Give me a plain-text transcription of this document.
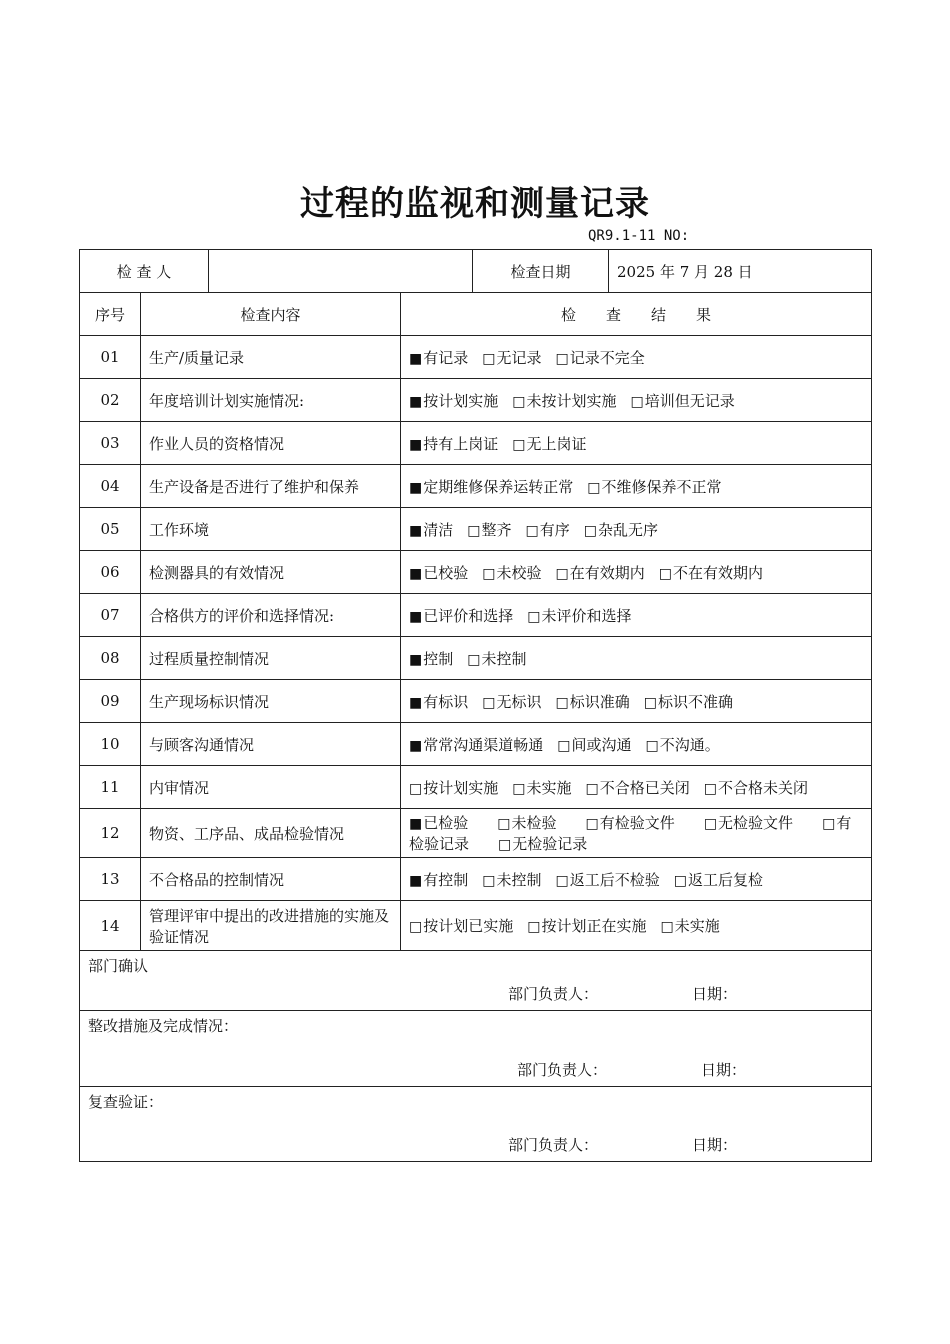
过程的监视和测量记录
QR9.1-11 NO:
检 查 人				检查日期	2025 年 7 月 28 日
序号	检查内容		检　　查　　结　　果		
01	生产/质量记录		■有记录 □无记录 □记录不完全		
02	年度培训计划实施情况:		■按计划实施 □未按计划实施 □培训但无记录		
03	作业人员的资格情况		■持有上岗证 □无上岗证		
04	生产设备是否进行了维护和保养		■定期维修保养运转正常 □不维修保养不正常		
05	工作环境		■清洁 □整齐 □有序 □杂乱无序		
06	检测器具的有效情况		■已校验 □未校验 □在有效期内 □不在有效期内		
07	合格供方的评价和选择情况:		■已评价和选择 □未评价和选择		
08	过程质量控制情况		■控制 □未控制		
09	生产现场标识情况		■有标识 □无标识 □标识准确 □标识不准确		
10	与顾客沟通情况		■常常沟通渠道畅通 □间或沟通 □不沟通。		
11	内审情况		□按计划实施 □未实施 □不合格已关闭 □不合格未关闭		
12	物资、工序品、成品检验情况		■已检验　 □未检验　 □有检验文件　 □无检验文件　 □有检验记录　 □无检验记录		
13	不合格品的控制情况		■有控制 □未控制 □返工后不检验 □返工后复检		
14	管理评审中提出的改进措施的实施及验证情况		□按计划已实施 □按计划正在实施 □未实施		
部门确认
部门负责人： 日期：					

整改措施及完成情况：
部门负责人： 日期：					

复查验证：
部门负责人： 日期：					
